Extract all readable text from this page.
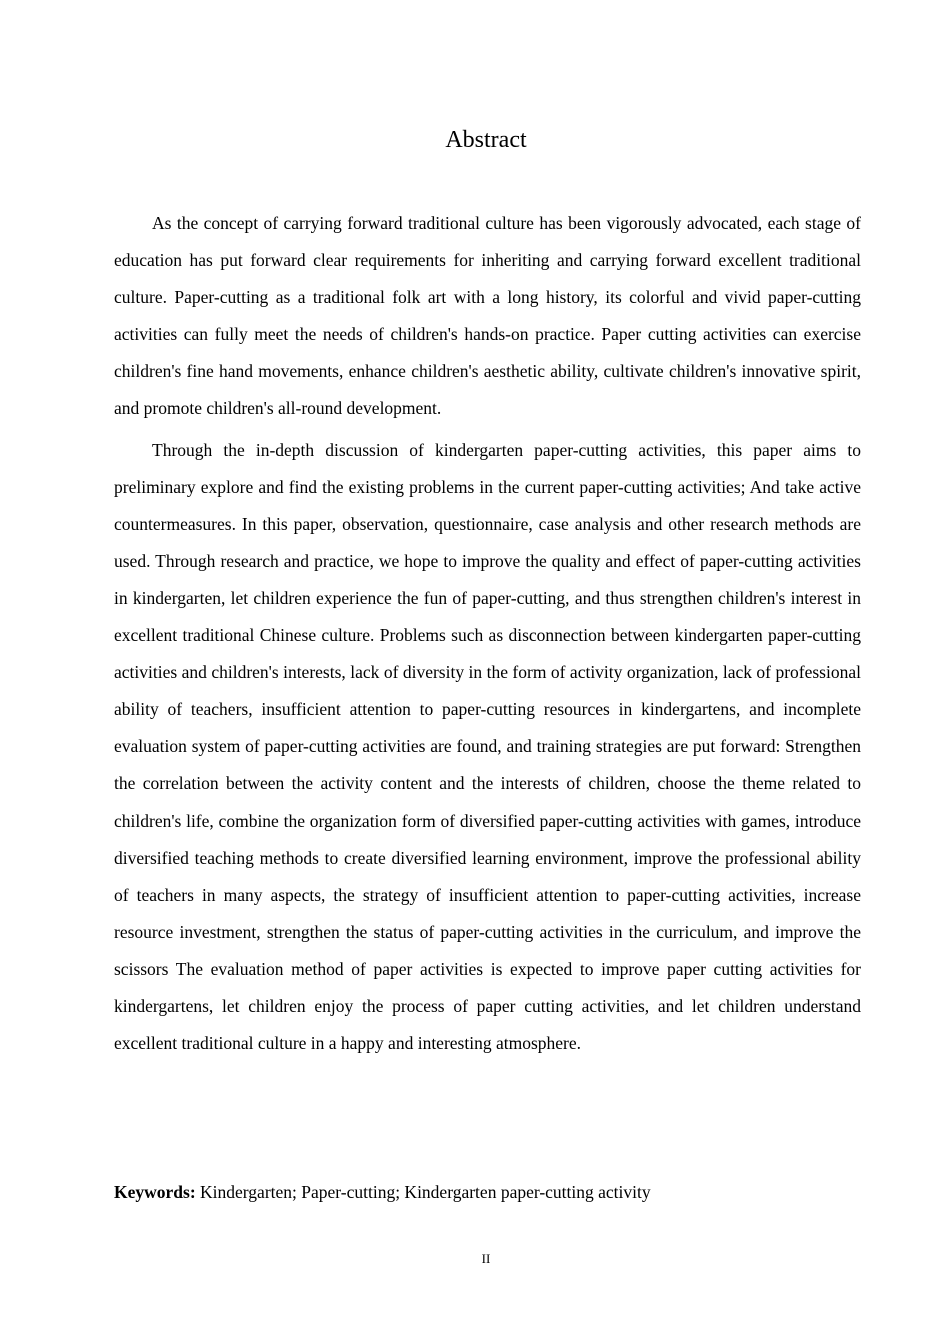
Abstract

As the concept of carrying forward traditional culture has been vigorously advocated, each stage of education has put forward clear requirements for inheriting and carrying forward excellent traditional culture. Paper-cutting as a traditional folk art with a long history, its colorful and vivid paper-cutting activities can fully meet the needs of children's hands-on practice. Paper cutting activities can exercise children's fine hand movements, enhance children's aesthetic ability, cultivate children's innovative spirit, and promote children's all-round development.

Through the in-depth discussion of kindergarten paper-cutting activities, this paper aims to preliminary explore and find the existing problems in the current paper-cutting activities; And take active countermeasures. In this paper, observation, questionnaire, case analysis and other research methods are used. Through research and practice, we hope to improve the quality and effect of paper-cutting activities in kindergarten, let children experience the fun of paper-cutting, and thus strengthen children's interest in excellent traditional Chinese culture. Problems such as disconnection between kindergarten paper-cutting activities and children's interests, lack of diversity in the form of activity organization, lack of professional ability of teachers, insufficient attention to paper-cutting resources in kindergartens, and incomplete evaluation system of paper-cutting activities are found, and training strategies are put forward: Strengthen the correlation between the activity content and the interests of children, choose the theme related to children's life, combine the organization form of diversified paper-cutting activities with games, introduce diversified teaching methods to create diversified learning environment, improve the professional ability of teachers in many aspects, the strategy of insufficient attention to paper-cutting activities, increase resource investment, strengthen the status of paper-cutting activities in the curriculum, and improve the scissors The evaluation method of paper activities is expected to improve paper cutting activities for kindergartens, let children enjoy the process of paper cutting activities, and let children understand excellent traditional culture in a happy and interesting atmosphere.

Keywords: Kindergarten; Paper-cutting; Kindergarten paper-cutting activity

II
